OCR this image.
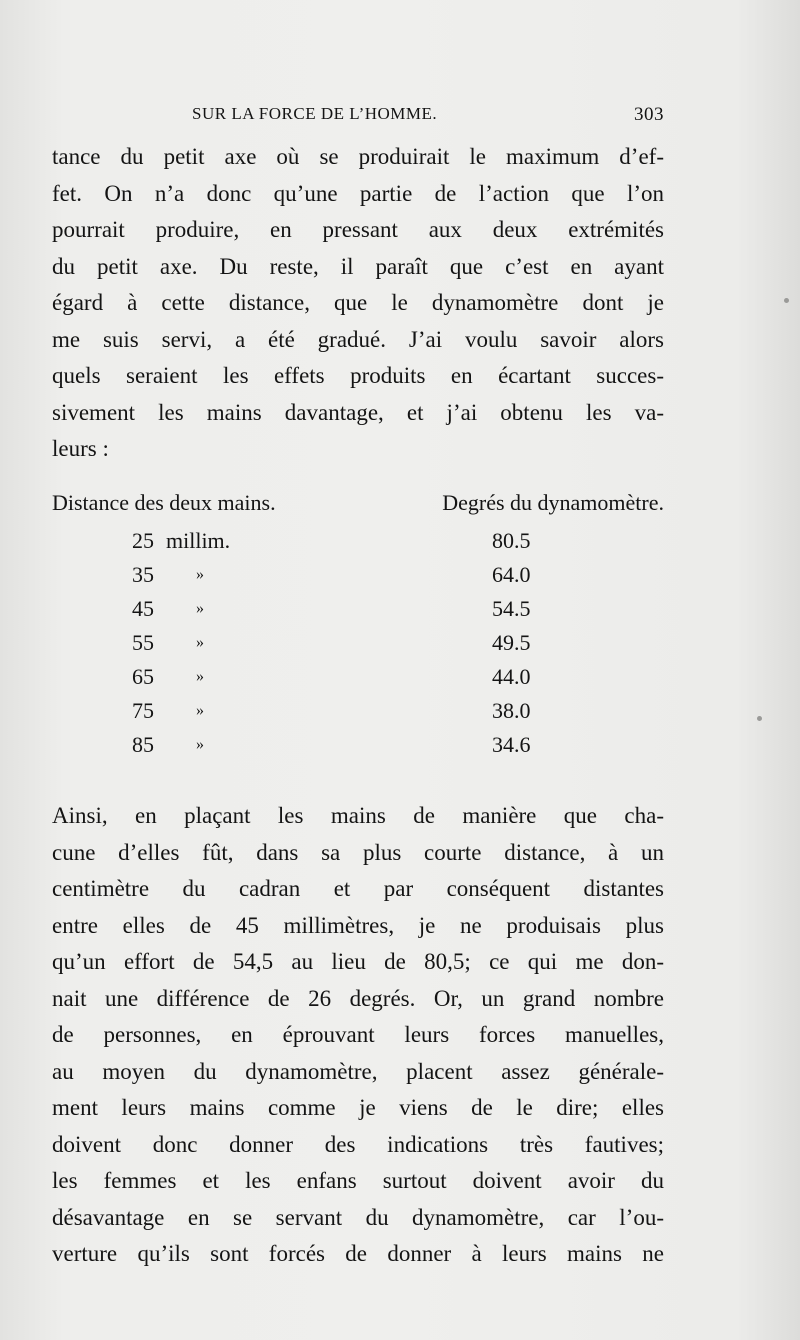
SUR LA FORCE DE L’HOMME.	303
tance du petit axe où se produirait le maximum d’ef-
fet. On n’a donc qu’une partie de l’action que l’on
pourrait produire, en pressant aux deux extrémités
du petit axe. Du reste, il paraît que c’est en ayant
égard à cette distance, que le dynamomètre dont je
me suis servi, a été gradué. J’ai voulu savoir alors
quels seraient les effets produits en écartant succes-
sivement les mains davantage, et j’ai obtenu les va-
leurs :
Distance des deux mains.	Degrés du dynamomètre.
25 millim.	80.5
35	»	64.0
45	»	54.5
55	»	49.5
65	»	44.0
75	»	38.0
85	»	34.6
Ainsi, en plaçant les mains de manière que cha-
cune d’elles fût, dans sa plus courte distance, à un
centimètre du cadran et par conséquent distantes
entre elles de 45 millimètres, je ne produisais plus
qu’un effort de 54,5 au lieu de 80,5; ce qui me don-
nait une différence de 26 degrés. Or, un grand nombre
de personnes, en éprouvant leurs forces manuelles,
au moyen du dynamomètre, placent assez générale-
ment leurs mains comme je viens de le dire; elles
doivent donc donner des indications très fautives;
les femmes et les enfans surtout doivent avoir du
désavantage en se servant du dynamomètre, car l’ou-
verture qu’ils sont forcés de donner à leurs mains ne
